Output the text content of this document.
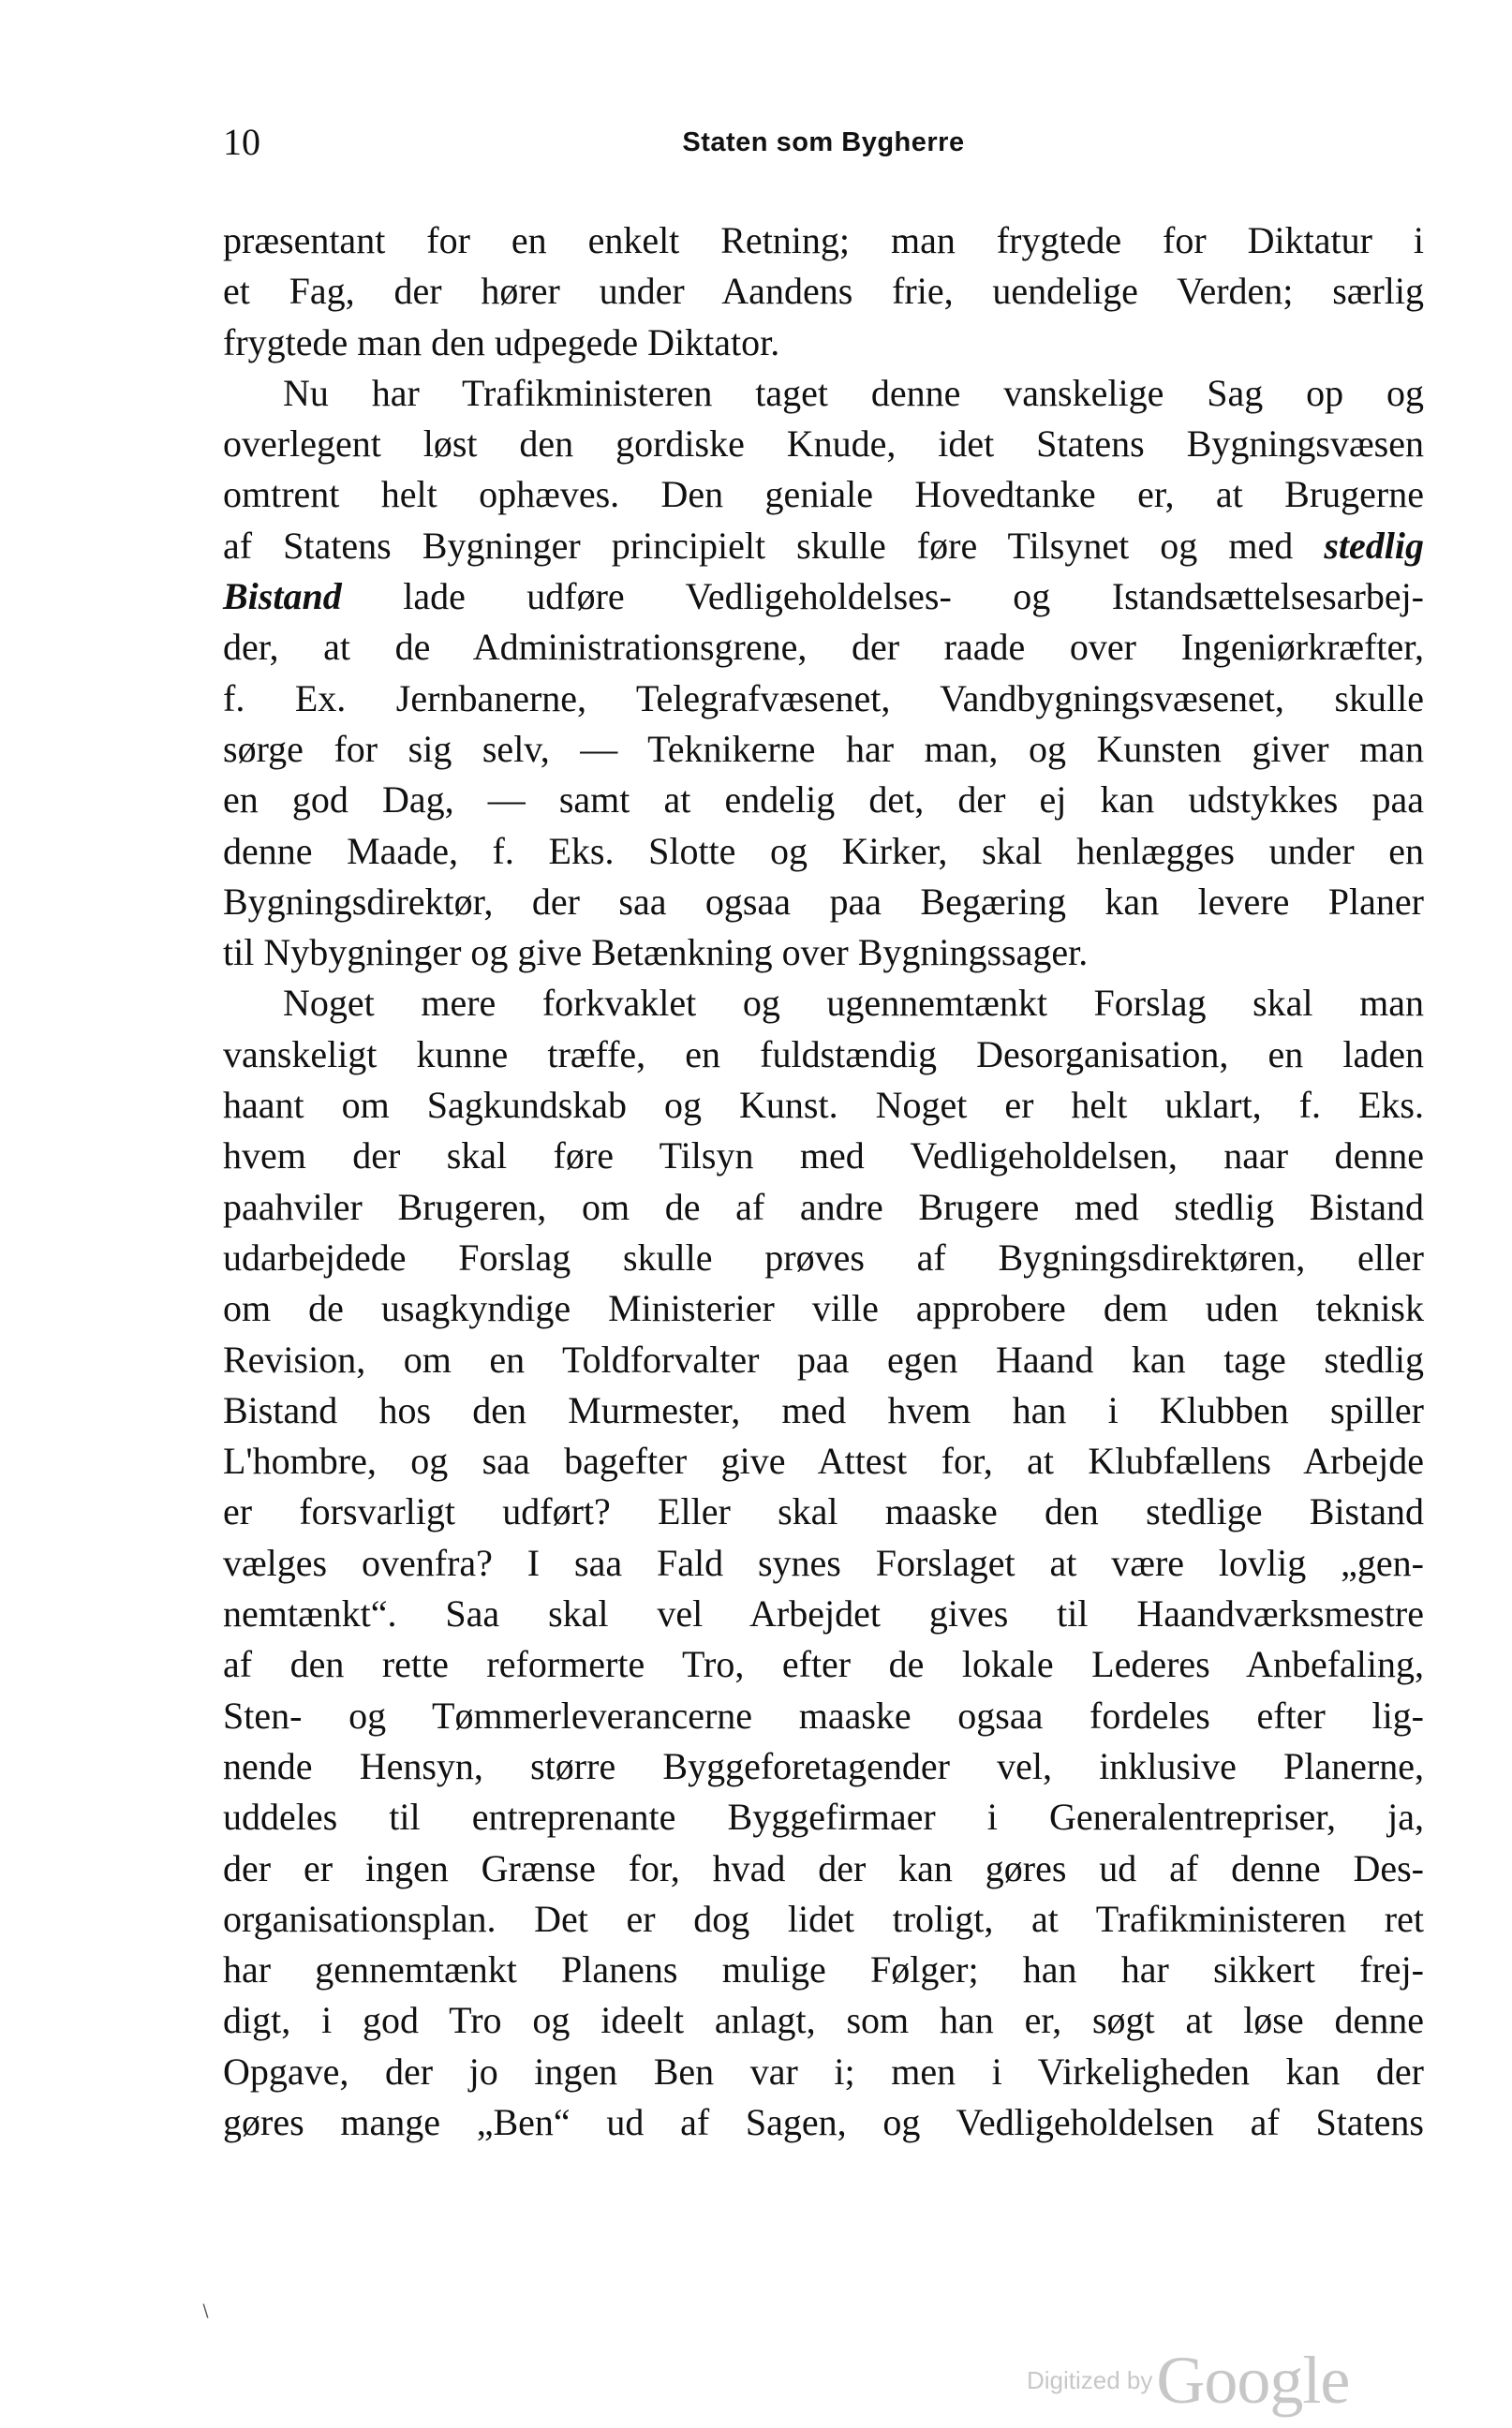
10	Staten som Bygherre
præsentant for en enkelt Retning; man frygtede for Diktatur i
et Fag, der hører under Aandens frie, uendelige Verden; særlig
frygtede man den udpegede Diktator.
Nu har Trafikministeren taget denne vanskelige Sag op og
overlegent løst den gordiske Knude, idet Statens Bygningsvæsen
omtrent helt ophæves. Den geniale Hovedtanke er, at Brugerne
af Statens Bygninger principielt skulle føre Tilsynet og med stedlig
Bistand lade udføre Vedligeholdelses- og Istandsættelsesarbej-
der, at de Administrationsgrene, der raade over Ingeniørkræfter,
f. Ex. Jernbanerne, Telegrafvæsenet, Vandbygningsvæsenet, skulle
sørge for sig selv, — Teknikerne har man, og Kunsten giver man
en god Dag, — samt at endelig det, der ej kan udstykkes paa
denne Maade, f. Eks. Slotte og Kirker, skal henlægges under en
Bygningsdirektør, der saa ogsaa paa Begæring kan levere Planer
til Nybygninger og give Betænkning over Bygningssager.
Noget mere forkvaklet og ugennemtænkt Forslag skal man
vanskeligt kunne træffe, en fuldstændig Desorganisation, en laden
haant om Sagkundskab og Kunst. Noget er helt uklart, f. Eks.
hvem der skal føre Tilsyn med Vedligeholdelsen, naar denne
paahviler Brugeren, om de af andre Brugere med stedlig Bistand
udarbejdede Forslag skulle prøves af Bygningsdirektøren, eller
om de usagkyndige Ministerier ville approbere dem uden teknisk
Revision, om en Toldforvalter paa egen Haand kan tage stedlig
Bistand hos den Murmester, med hvem han i Klubben spiller
L'hombre, og saa bagefter give Attest for, at Klubfællens Arbejde
er forsvarligt udført? Eller skal maaske den stedlige Bistand
vælges ovenfra? I saa Fald synes Forslaget at være lovlig „gen-
nemtænkt“. Saa skal vel Arbejdet gives til Haandværksmestre
af den rette reformerte Tro, efter de lokale Lederes Anbefaling,
Sten- og Tømmerleverancerne maaske ogsaa fordeles efter lig-
nende Hensyn, større Byggeforetagender vel, inklusive Planerne,
uddeles til entreprenante Byggefirmaer i Generalentrepriser, ja,
der er ingen Grænse for, hvad der kan gøres ud af denne Des-
organisationsplan. Det er dog lidet troligt, at Trafikministeren ret
har gennemtænkt Planens mulige Følger; han har sikkert frej-
digt, i god Tro og ideelt anlagt, som han er, søgt at løse denne
Opgave, der jo ingen Ben var i; men i Virkeligheden kan der
gøres mange „Ben“ ud af Sagen, og Vedligeholdelsen af Statens
∖
Digitized by Google
